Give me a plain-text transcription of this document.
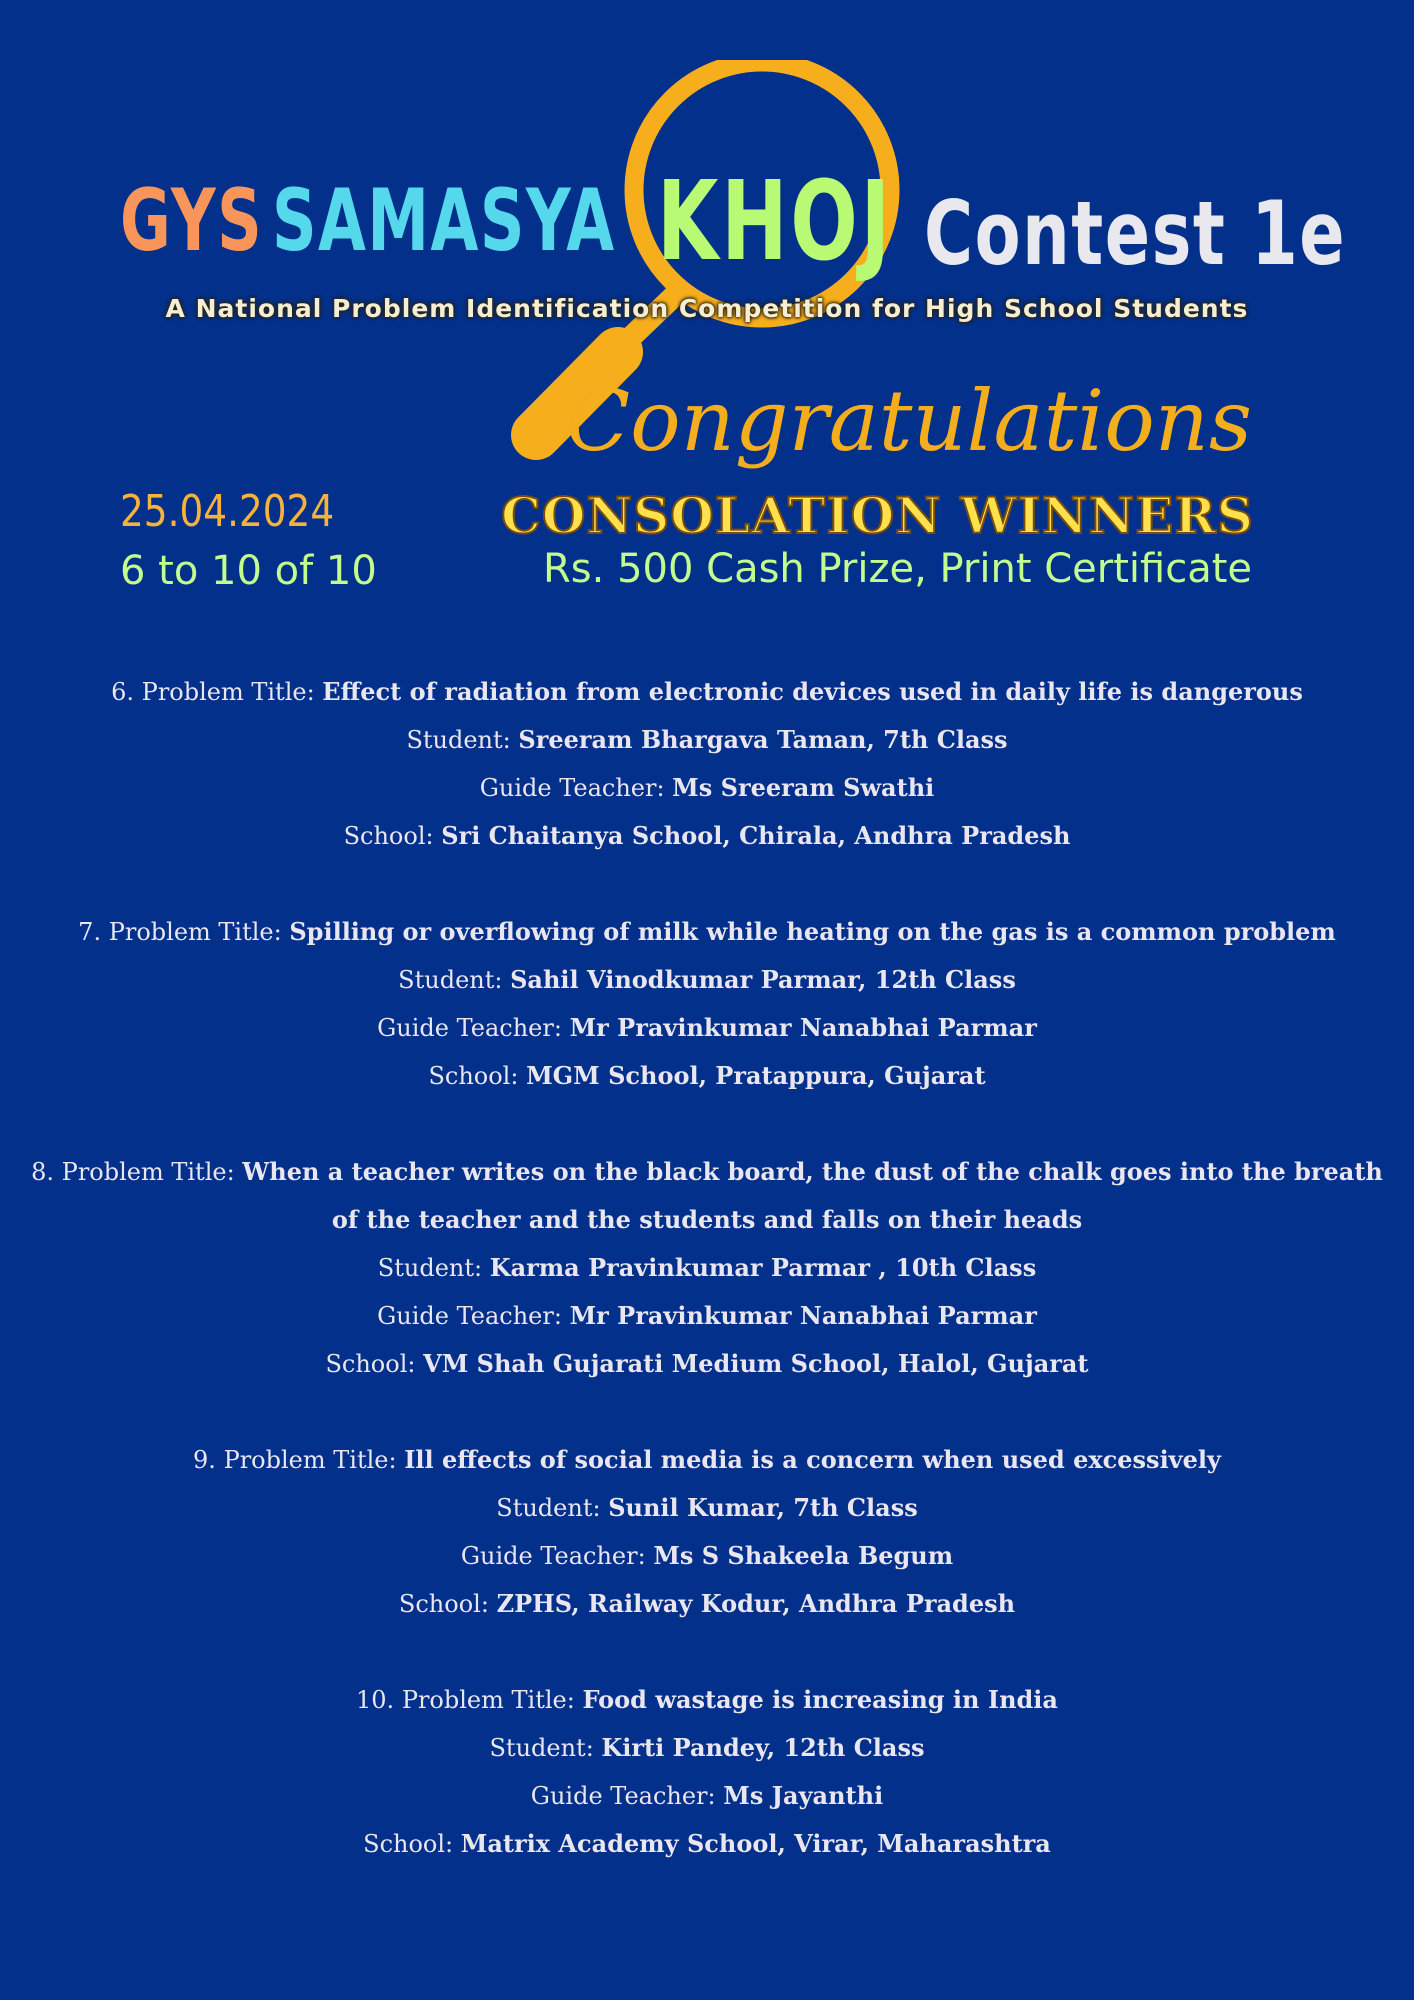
GYS SAMASYA KHOJ Contest 1e
A National Problem Identification Competition for High School Students
Congratulations
CONSOLATION WINNERS
Rs. 500 Cash Prize, Print Certificate
25.04.2024
6 to 10 of 10
6. Problem Title: Effect of radiation from electronic devices used in daily life is dangerous
Student: Sreeram Bhargava Taman, 7th Class
Guide Teacher: Ms Sreeram Swathi
School: Sri Chaitanya School, Chirala, Andhra Pradesh
7. Problem Title: Spilling or overflowing of milk while heating on the gas is a common problem
Student: Sahil Vinodkumar Parmar, 12th Class
Guide Teacher: Mr Pravinkumar Nanabhai Parmar
School: MGM School, Pratappura, Gujarat
8. Problem Title: When a teacher writes on the black board, the dust of the chalk goes into the breath of the teacher and the students and falls on their heads
Student: Karma Pravinkumar Parmar , 10th Class
Guide Teacher: Mr Pravinkumar Nanabhai Parmar
School: VM Shah Gujarati Medium School, Halol, Gujarat
9. Problem Title: Ill effects of social media is a concern when used excessively
Student: Sunil Kumar, 7th Class
Guide Teacher: Ms S Shakeela Begum
School: ZPHS, Railway Kodur, Andhra Pradesh
10. Problem Title: Food wastage is increasing in India
Student: Kirti Pandey, 12th Class
Guide Teacher: Ms Jayanthi
School: Matrix Academy School, Virar, Maharashtra
